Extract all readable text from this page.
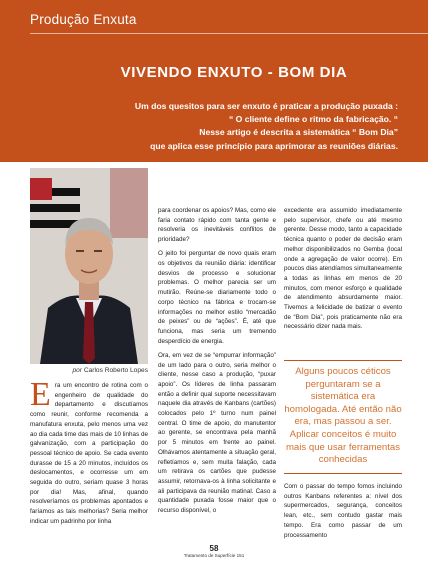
Produção Enxuta
VIVENDO ENXUTO - BOM DIA
Um dos quesitos para ser enxuto é praticar a produção puxada :
“ O cliente define o ritmo da fabricação. “
Nesse artigo é descrita a sistemática “ Bom Dia”
que aplica esse princípio para aprimorar as reuniões diárias.
por Carlos Roberto Lopes

Era um encontro de rotina com o engenheiro de qualidade do departamento e discutíamos como reunir, conforme recomenda a manufatura enxuta, pelo menos uma vez ao dia cada time das mais de 10 linhas de galvanização, com a participação do pessoal técnico de apoio. Se cada evento durasse de 15 a 20 minutos, incluídos os deslocamentos, e ocorresse um em seguida do outro, seriam quase 3 horas por dia! Mas, afinal, quando resolveríamos os problemas apontados e faríamos as tais melhorias? Seria melhor indicar um padrinho por linha

para coordenar os apoios? Mas, como ele faria contato rápido com tanta gente e resolveria os inevitáveis conflitos de prioridade?

O jeito foi perguntar de novo quais eram os objetivos da reunião diária: identificar desvios de processo e solucionar problemas. O melhor parecia ser um mutirão. Reúne-se diariamente todo o corpo técnico na fábrica e trocam-se informações no melhor estilo “mercadão de peixes” ou de “ações”. É, até que funciona, mas seria um tremendo desperdício de energia.

Ora, em vez de se “empurrar informação” de um lado para o outro, seria melhor o cliente, nesse caso a produção, “puxar apoio”. Os líderes de linha passaram então a definir qual suporte necessitavam naquele dia através de Kanbans (cartões) colocados pelo 1º turno num painel central. O time de apoio, do manutentor ao gerente, se encontrava pela manhã por 5 minutos em frente ao painel. Olhávamos atentamente a situação geral, refletíamos e, sem muita falação, cada um retirava os cartões que pudesse assumir, retornava-os à linha solicitante e ali participava da reunião matinal. Caso a quantidade puxada fosse maior que o recurso disponível, o

excedente era assumido imediatamente pelo supervisor, chefe ou até mesmo gerente. Desse modo, tanto a capacidade técnica quanto o poder de decisão eram melhor disponibilizados no Gemba (local onde a agregação de valor ocorre). Em poucos dias atendíamos simultaneamente a todas as linhas em menos de 20 minutos, com menor esforço e qualidade de atendimento absurdamente maior. Tivemos a felicidade de batizar o evento de “Bom Dia”, pois praticamente não era necessário dizer nada mais.

Alguns poucos céticos perguntaram se a sistemática era homologada. Até então não era, mas passou a ser. Aplicar conceitos é muito mais que usar ferramentas conhecidas

Com o passar do tempo fomos incluindo outros Kanbans referentes a: nível dos supermercados, segurança, conceitos lean, etc., sem contudo gastar mais tempo. Era como passar de um processamento

58
Tratamento de Superfície 151
